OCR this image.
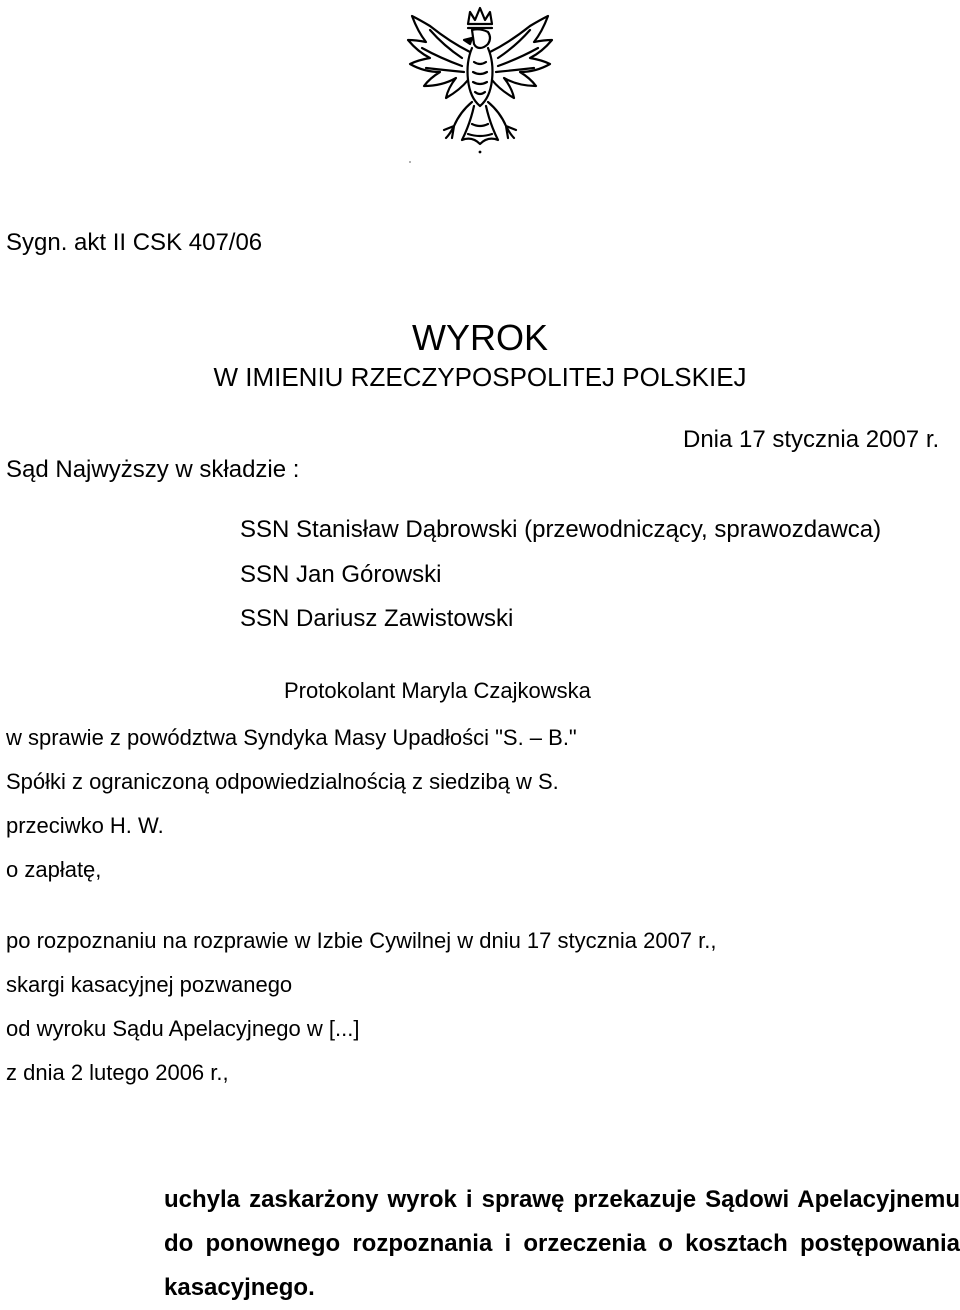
Sygn. akt II CSK 407/06
WYROK
W IMIENIU RZECZYPOSPOLITEJ POLSKIEJ
Dnia 17 stycznia 2007 r.
Sąd Najwyższy w składzie :
SSN Stanisław Dąbrowski (przewodniczący, sprawozdawca)
SSN Jan Górowski
SSN Dariusz Zawistowski
Protokolant Maryla Czajkowska
w sprawie z powództwa Syndyka Masy Upadłości "S. – B."
Spółki z ograniczoną odpowiedzialnością z siedzibą w S.
przeciwko H. W.
o zapłatę,
po rozpoznaniu na rozprawie w Izbie Cywilnej w dniu 17 stycznia 2007 r.,
skargi kasacyjnej pozwanego
od wyroku Sądu Apelacyjnego w [...]
z dnia 2 lutego 2006 r.,
uchyla zaskarżony wyrok i sprawę przekazuje Sądowi Apelacyjnemu do ponownego rozpoznania i orzeczenia o kosztach postępowania kasacyjnego.
